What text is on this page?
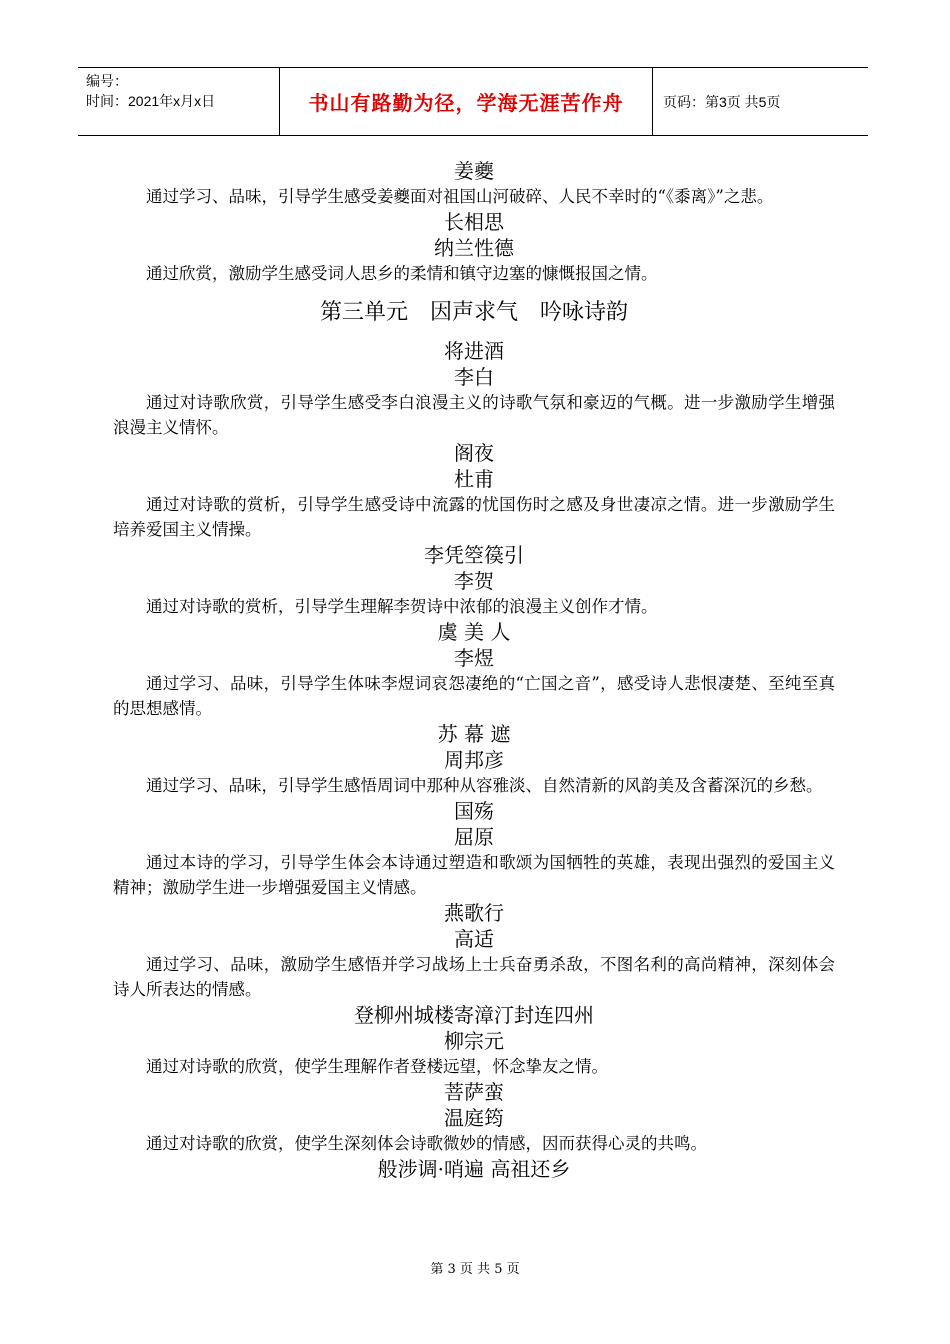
编号：
时间：2021年x月x日	书山有路勤为径，学海无涯苦作舟	页码：第3页 共5页
姜夔
通过学习、品味，引导学生感受姜夔面对祖国山河破碎、人民不幸时的“《黍离》”之悲。
长相思
纳兰性德
通过欣赏，激励学生感受词人思乡的柔情和镇守边塞的慷慨报国之情。
第三单元　因声求气　吟咏诗韵
将进酒
李白
通过对诗歌欣赏，引导学生感受李白浪漫主义的诗歌气氛和豪迈的气概。进一步激励学生增强浪漫主义情怀。
阁夜
杜甫
通过对诗歌的赏析，引导学生感受诗中流露的忧国伤时之感及身世凄凉之情。进一步激励学生培养爱国主义情操。
李凭箜篌引
李贺
通过对诗歌的赏析，引导学生理解李贺诗中浓郁的浪漫主义创作才情。
虞 美 人
李煜
通过学习、品味，引导学生体味李煜词哀怨凄绝的“亡国之音”，感受诗人悲恨凄楚、至纯至真的思想感情。
苏 幕 遮
周邦彦
通过学习、品味，引导学生感悟周词中那种从容雅淡、自然清新的风韵美及含蓄深沉的乡愁。
国殇
屈原
通过本诗的学习，引导学生体会本诗通过塑造和歌颂为国牺牲的英雄，表现出强烈的爱国主义精神；激励学生进一步增强爱国主义情感。
燕歌行
高适
通过学习、品味，激励学生感悟并学习战场上士兵奋勇杀敌，不图名利的高尚精神，深刻体会诗人所表达的情感。
登柳州城楼寄漳汀封连四州
柳宗元
通过对诗歌的欣赏，使学生理解作者登楼远望，怀念挚友之情。
菩萨蛮
温庭筠
通过对诗歌的欣赏，使学生深刻体会诗歌微妙的情感，因而获得心灵的共鸣。
般涉调·哨遍 高祖还乡
第 3 页 共 5 页
